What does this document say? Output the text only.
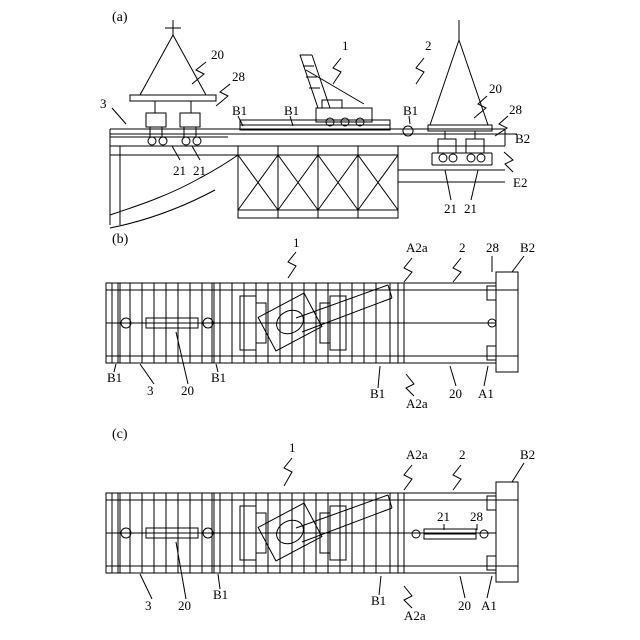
(a)
20
28
1	2
20
28
3	B1	B1	B1
B2
21 21
E2
21 21
(b)	1	A2a 2 28 B2
B1
3 20
B1
B1
A2a
20 A1
(c)
1	A2a 2	B2
21 28
3 20
B1	B1
A2a
20 A1
